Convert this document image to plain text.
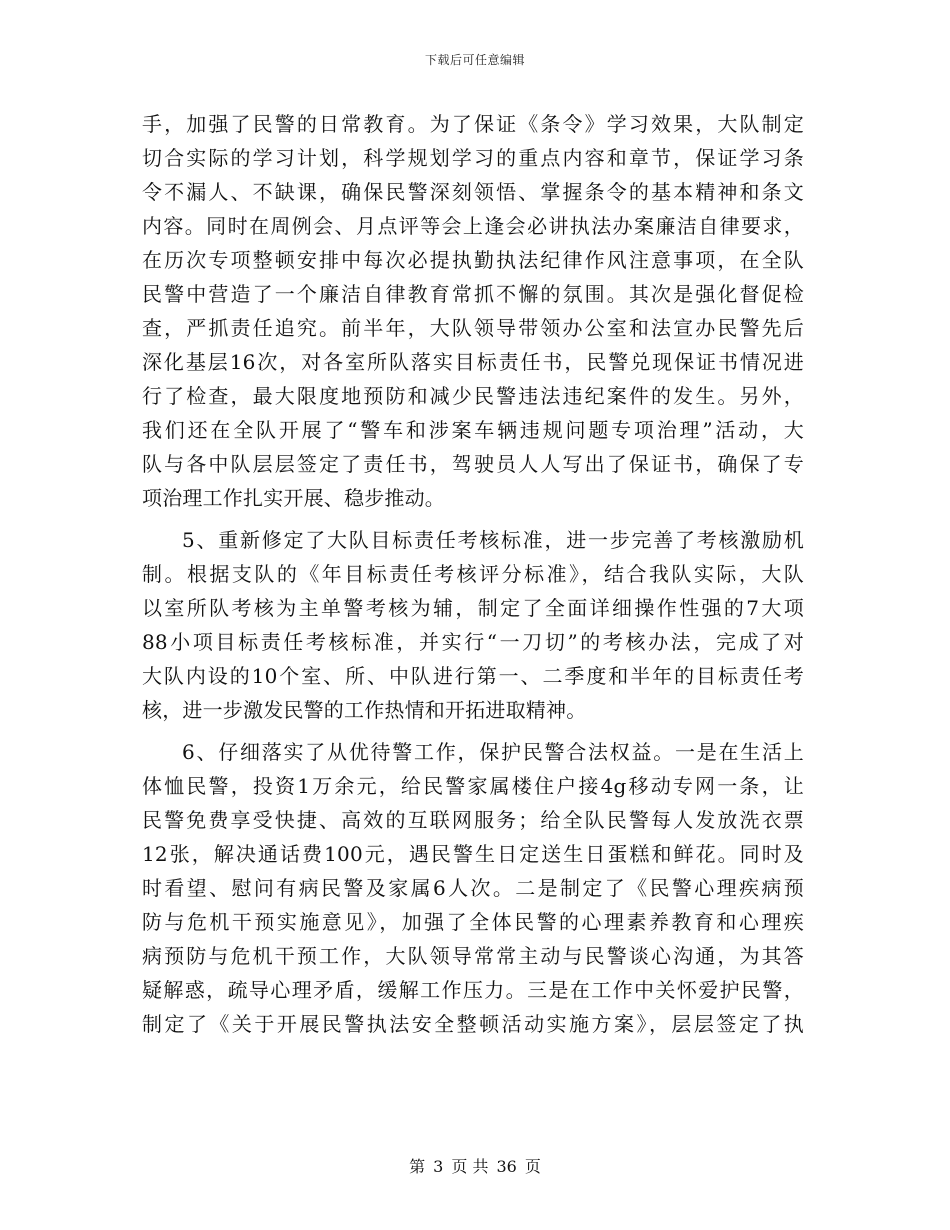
下载后可任意编辑
手，加强了民警的日常教育。为了保证《条令》学习效果，大队制定
切合实际的学习计划，科学规划学习的重点内容和章节，保证学习条
令不漏人、不缺课，确保民警深刻领悟、掌握条令的基本精神和条文
内容。同时在周例会、月点评等会上逢会必讲执法办案廉洁自律要求，
在历次专项整顿安排中每次必提执勤执法纪律作风注意事项，在全队
民警中营造了一个廉洁自律教育常抓不懈的氛围。其次是强化督促检
查，严抓责任追究。前半年，大队领导带领办公室和法宣办民警先后
深化基层16次，对各室所队落实目标责任书，民警兑现保证书情况进
行了检查，最大限度地预防和减少民警违法违纪案件的发生。另外，
我们还在全队开展了“警车和涉案车辆违规问题专项治理”活动，大
队与各中队层层签定了责任书，驾驶员人人写出了保证书，确保了专
项治理工作扎实开展、稳步推动。
5、重新修定了大队目标责任考核标准，进一步完善了考核激励机
制。根据支队的《年目标责任考核评分标准》，结合我队实际，大队
以室所队考核为主单警考核为辅，制定了全面详细操作性强的7大项
88小项目标责任考核标准，并实行“一刀切”的考核办法，完成了对
大队内设的10个室、所、中队进行第一、二季度和半年的目标责任考
核，进一步激发民警的工作热情和开拓进取精神。
6、仔细落实了从优待警工作，保护民警合法权益。一是在生活上
体恤民警，投资1万余元，给民警家属楼住户接4g移动专网一条，让
民警免费享受快捷、高效的互联网服务；给全队民警每人发放洗衣票
12张，解决通话费100元，遇民警生日定送生日蛋糕和鲜花。同时及
时看望、慰问有病民警及家属6人次。二是制定了《民警心理疾病预
防与危机干预实施意见》，加强了全体民警的心理素养教育和心理疾
病预防与危机干预工作，大队领导常常主动与民警谈心沟通，为其答
疑解惑，疏导心理矛盾，缓解工作压力。三是在工作中关怀爱护民警，
制定了《关于开展民警执法安全整顿活动实施方案》，层层签定了执
第 3 页 共 36 页
